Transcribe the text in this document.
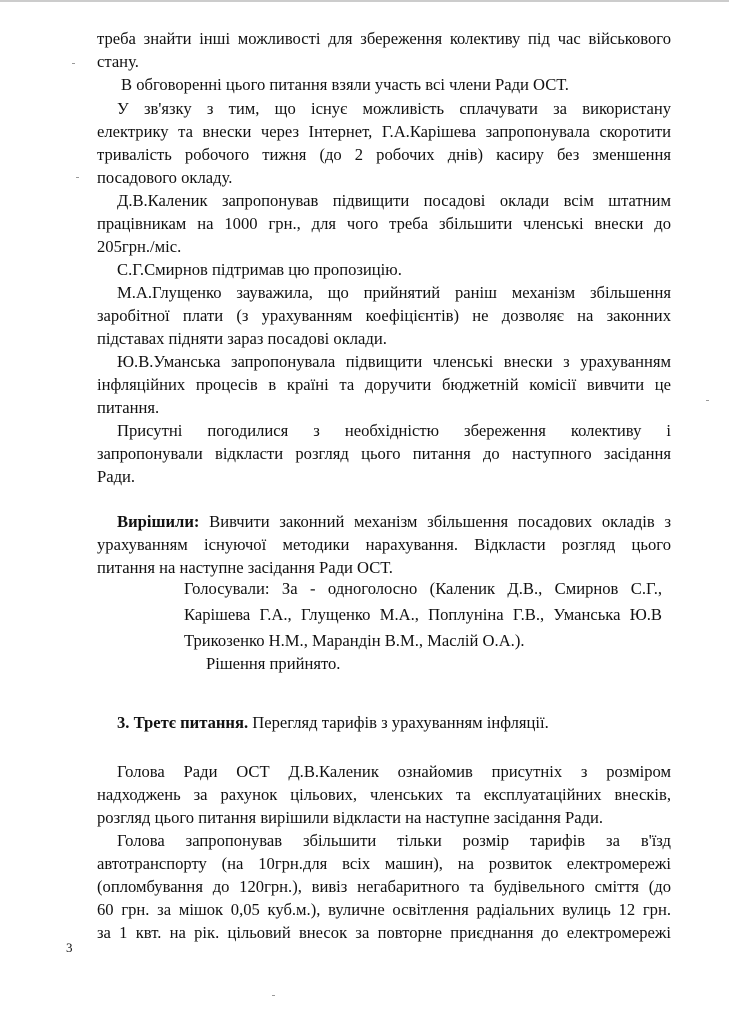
треба знайти інші можливості для збереження колективу під час військового
стану.
В обговоренні цього питання взяли участь всі члени Ради ОСТ.
У зв'язку з тим, що існує можливість сплачувати за використану
електрику та внески через Інтернет, Г.А.Карішева запропонувала скоротити
тривалість робочого тижня (до 2 робочих днів) касиру без зменшення
посадового окладу.
Д.В.Каленик запропонував підвищити посадові оклади всім штатним
працівникам на 1000 грн., для чого треба збільшити членські внески до
205грн./міс.
С.Г.Смирнов підтримав цю пропозицію.
М.А.Глущенко зауважила, що прийнятий раніш механізм збільшення
заробітної плати (з урахуванням коефіцієнтів) не дозволяє на законних
підставах підняти зараз посадові оклади.
Ю.В.Уманська запропонувала підвищити членські внески з урахуванням
інфляційних процесів в країні та доручити бюджетній комісії вивчити це
питання.
Присутні погодилися з необхідністю збереження колективу і
запропонували відкласти розгляд цього питання до наступного засідання
Ради.
Вирішили: Вивчити законний механізм збільшення посадових окладів з
урахуванням існуючої методики нарахування. Відкласти розгляд цього
питання на наступне засідання Ради ОСТ.
Голосували: За - одноголосно (Каленик Д.В., Смирнов С.Г.,
Карішева Г.А., Глущенко М.А., Поплуніна Г.В., Уманська Ю.В
Трикозенко Н.М., Марандін В.М., Маслій О.А.).
Рішення прийнято.
3. Третє питання. Перегляд тарифів з урахуванням інфляції.
Голова Ради ОСТ Д.В.Каленик ознайомив присутніх з розміром
надходжень за рахунок цільових, членських та експлуатаційних внесків,
розгляд цього питання вирішили відкласти на наступне засідання Ради.
Голова запропонував збільшити тільки розмір тарифів за в'їзд
автотранспорту (на 10грн.для всіх машин), на розвиток електромережі
(опломбування до 120грн.), вивіз негабаритного та будівельного сміття (до
60 грн. за мішок 0,05 куб.м.), вуличне освітлення радіальних вулиць 12 грн.
за 1 квт. на рік. цільовий внесок за повторне приєднання до електромережі
3
